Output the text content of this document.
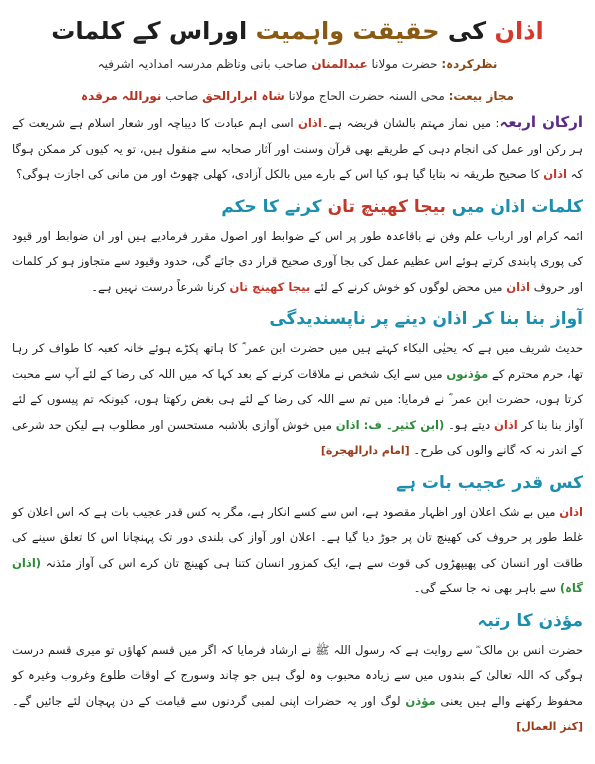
اذان کی حقیقت واہمیت اوراس کے کلمات
نظرکردہ: حضرت مولانا عبدالمنان صاحب بانی وناظم مدرسہ امدادیہ اشرفیہ
مجاز بیعت: محی السنہ حضرت الحاج مولانا شاہ ابرارالحق صاحب نوراللہ مرقدہ

ارکان اربعہ: میں نماز مہتم بالشان فریضہ ہے۔اذان اسی اہم عبادت کا دیباچہ اور شعار اسلام ہے شریعت کے ہر رکن اور عمل کی انجام دہی کے طریقے بھی قرآن وسنت اور آثار صحابہ سے منقول ہیں، تو یہ کیوں کر ممکن ہوگا کہ اذان کا صحیح طریقہ نہ بتایا گیا ہو، کیا اس کے بارے میں بالکل آزادی، کھلی چھوٹ اور من مانی کی اجازت ہوگی؟

کلمات اذان میں بیجا کھینچ تان کرنے کا حکم

ائمہ کرام اور ارباب علم وفن نے باقاعدہ طور پر اس کے ضوابط اور اصول مقرر فرمادیے ہیں اور ان ضوابط اور قیود کی پوری پابندی کرتے ہوئے اس عظیم عمل کی بجا آوری صحیح قرار دی جائے گی، حدود وقیود سے متجاوز ہو کر کلمات اور حروف اذان میں محض لوگوں کو خوش کرنے کے لئے بیجا کھینچ تان کرنا شرعاً درست نہیں ہے۔

آواز بنا بنا کر اذان دینے پر ناپسندیدگی

حدیث شریف میں ہے کہ یحیٰی البکاء کہتے ہیں میں حضرت ابن عمر ؓ کا ہاتھ پکڑے ہوئے خانہ کعبہ کا طواف کر رہا تھا، حرم محترم کے مؤذنوں میں سے ایک شخص نے ملاقات کرنے کے بعد کہا کہ میں اللہ کی رضا کے لئے آپ سے محبت کرتا ہوں، حضرت ابن عمر ؓ نے فرمایا: میں تم سے اللہ کی رضا کے لئے ہی بغض رکھتا ہوں، کیونکہ تم پیسوں کے لئے آواز بنا بنا کر اذان دیتے ہو۔ (ابن کثیر۔ ف: اذان میں خوش آوازی بلاشبہ مستحسن اور مطلوب ہے لیکن حد شرعی کے اندر نہ کہ گانے والوں کی طرح۔ [امام دارالهجرة]

کس قدر عجیب بات ہے

اذان میں بے شک اعلان اور اظہار مقصود ہے، اس سے کسے انکار ہے، مگر یہ کس قدر عجیب بات ہے کہ اس اعلان کو غلط طور پر حروف کی کھینچ تان پر جوڑ دیا گیا ہے۔ اعلان اور آواز کی بلندی دور تک پہنچانا اس کا تعلق سینے کی طاقت اور انسان کی پھیپھڑوں کی قوت سے ہے، ایک کمزور انسان کتنا ہی کھینچ تان کرے اس کی آواز مئذنہ (اذان گاہ) سے باہر بھی نہ جا سکے گی۔

مؤذن کا رتبہ

حضرت انس بن مالک ؓ سے روایت ہے کہ رسول اللہ ﷺ نے ارشاد فرمایا کہ اگر میں قسم کھاؤں تو میری قسم درست ہوگی کہ اللہ تعالیٰ کے بندوں میں سے زیادہ محبوب وہ لوگ ہیں جو چاند وسورج کے اوقات طلوع وغروب وغیرہ کو محفوظ رکھنے والے ہیں یعنی مؤذن لوگ اور یہ حضرات اپنی لمبی گردنوں سے قیامت کے دن پہچان لئے جائیں گے۔ [کنز العمال]
